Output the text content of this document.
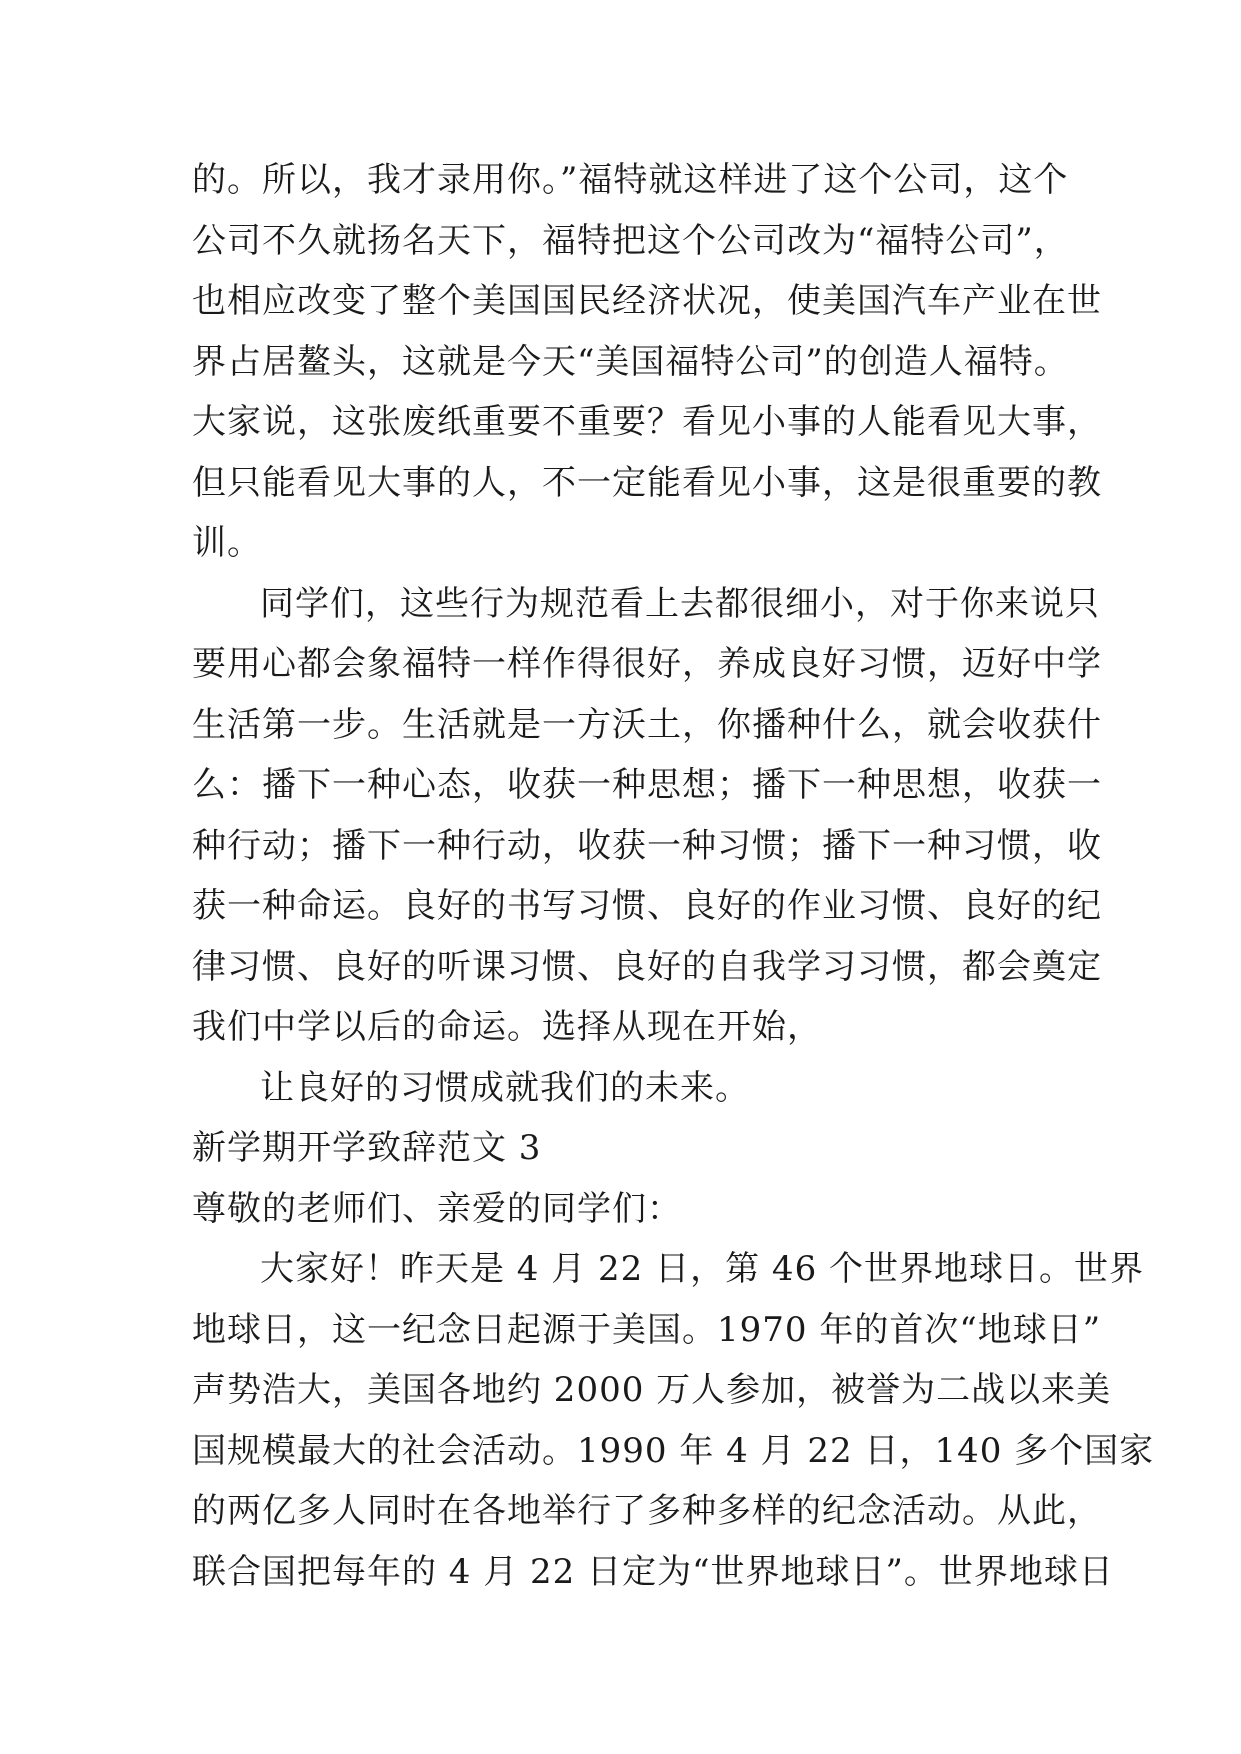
的。所以，我才录用你。”福特就这样进了这个公司，这个
公司不久就扬名天下，福特把这个公司改为“福特公司”，
也相应改变了整个美国国民经济状况，使美国汽车产业在世
界占居鳌头，这就是今天“美国福特公司”的创造人福特。
大家说，这张废纸重要不重要？看见小事的人能看见大事，
但只能看见大事的人，不一定能看见小事，这是很重要的教
训。
同学们，这些行为规范看上去都很细小，对于你来说只
要用心都会象福特一样作得很好，养成良好习惯，迈好中学
生活第一步。生活就是一方沃土，你播种什么，就会收获什
么：播下一种心态，收获一种思想；播下一种思想，收获一
种行动；播下一种行动，收获一种习惯；播下一种习惯，收
获一种命运。良好的书写习惯、良好的作业习惯、良好的纪
律习惯、良好的听课习惯、良好的自我学习习惯，都会奠定
我们中学以后的命运。选择从现在开始，
让良好的习惯成就我们的未来。
新学期开学致辞范文 3
尊敬的老师们、亲爱的同学们：
大家好！昨天是 4 月 22 日，第 46 个世界地球日。世界
地球日，这一纪念日起源于美国。1970 年的首次“地球日”
声势浩大，美国各地约 2000 万人参加，被誉为二战以来美
国规模最大的社会活动。1990 年 4 月 22 日，140 多个国家
的两亿多人同时在各地举行了多种多样的纪念活动。从此，
联合国把每年的 4 月 22 日定为“世界地球日”。世界地球日
